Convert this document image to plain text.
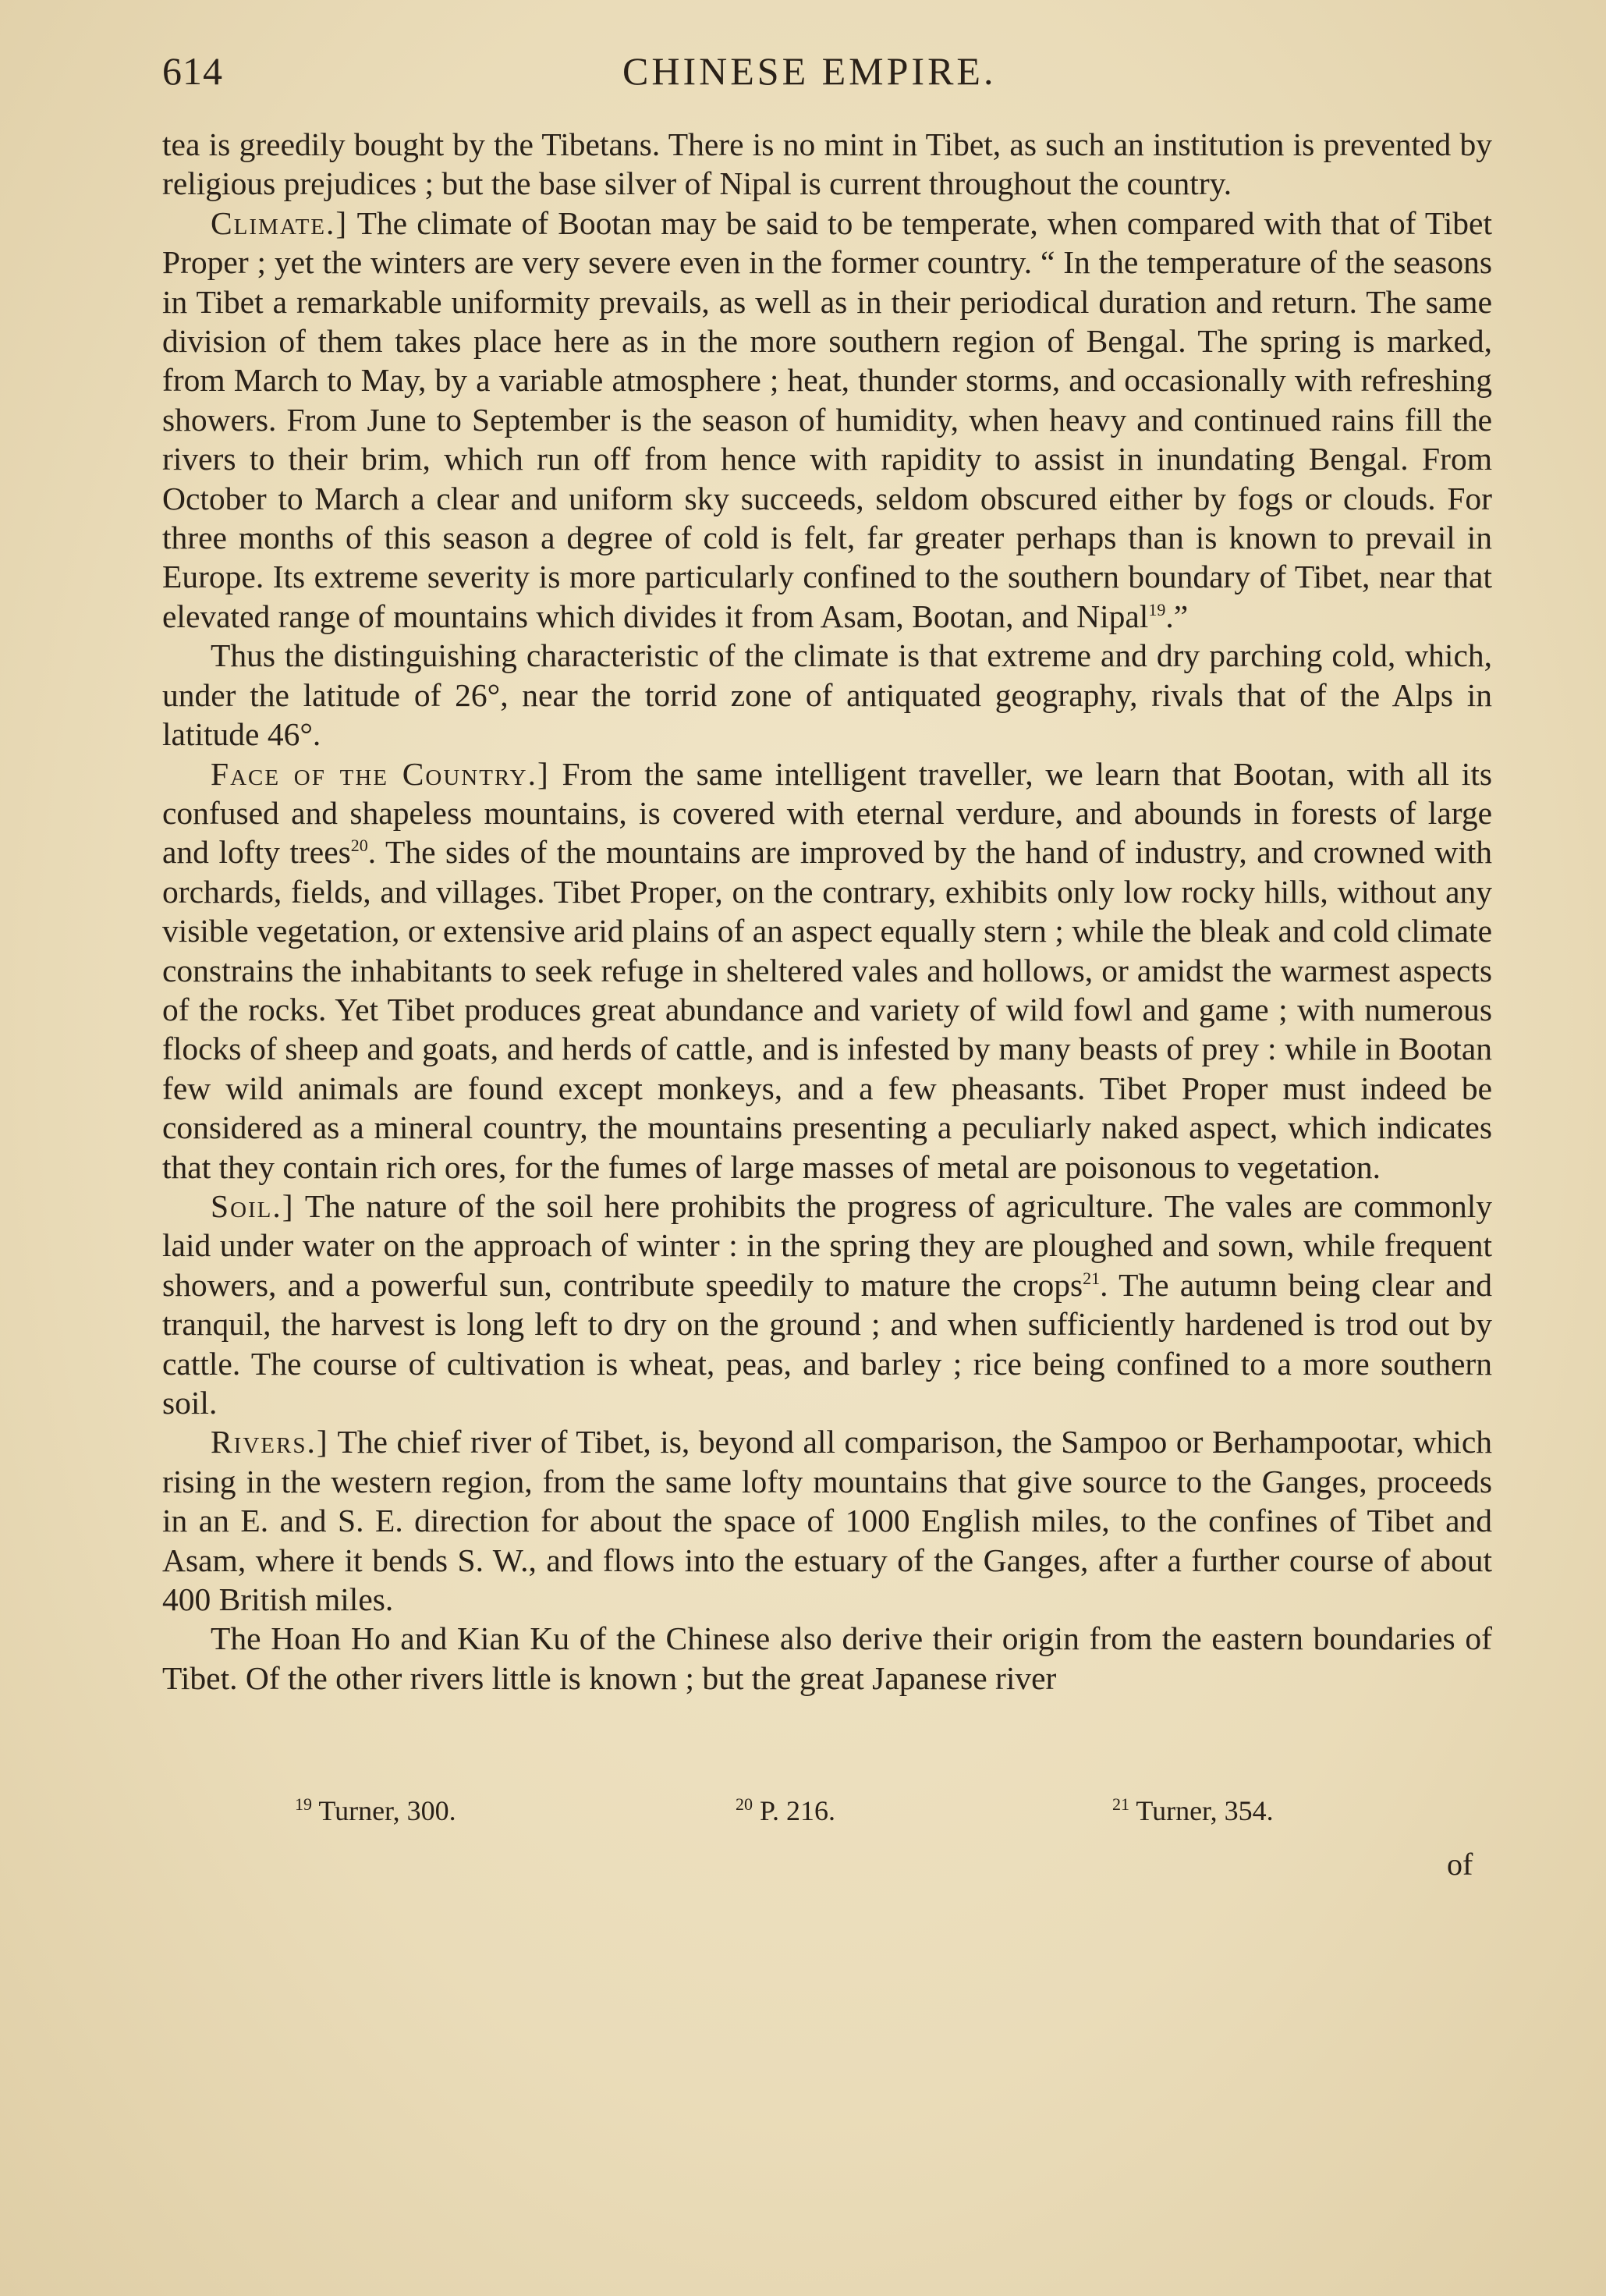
614	CHINESE EMPIRE.

tea is greedily bought by the Tibetans. There is no mint in Tibet, as such an institution is prevented by religious prejudices ; but the base silver of Nipal is current throughout the country.

Climate.] The climate of Bootan may be said to be temperate, when compared with that of Tibet Proper ; yet the winters are very severe even in the former country. “ In the temperature of the seasons in Tibet a remarkable uniformity prevails, as well as in their periodical duration and return. The same division of them takes place here as in the more southern region of Bengal. The spring is marked, from March to May, by a variable atmosphere ; heat, thunder storms, and occasionally with refreshing showers. From June to September is the season of humidity, when heavy and continued rains fill the rivers to their brim, which run off from hence with rapidity to assist in inundating Bengal. From October to March a clear and uniform sky succeeds, seldom obscured either by fogs or clouds. For three months of this season a degree of cold is felt, far greater perhaps than is known to prevail in Europe. Its extreme severity is more particularly confined to the southern boundary of Tibet, near that elevated range of mountains which divides it from Asam, Bootan, and Nipal$^{19}$.”

Thus the distinguishing characteristic of the climate is that extreme and dry parching cold, which, under the latitude of 26°, near the torrid zone of antiquated geography, rivals that of the Alps in latitude 46°.

Face of the Country.] From the same intelligent traveller, we learn that Bootan, with all its confused and shapeless mountains, is covered with eternal verdure, and abounds in forests of large and lofty trees$^{20}$. The sides of the mountains are improved by the hand of industry, and crowned with orchards, fields, and villages. Tibet Proper, on the contrary, exhibits only low rocky hills, without any visible vegetation, or extensive arid plains of an aspect equally stern ; while the bleak and cold climate constrains the inhabitants to seek refuge in sheltered vales and hollows, or amidst the warmest aspects of the rocks. Yet Tibet produces great abundance and variety of wild fowl and game ; with numerous flocks of sheep and goats, and herds of cattle, and is infested by many beasts of prey : while in Bootan few wild animals are found except monkeys, and a few pheasants. Tibet Proper must indeed be considered as a mineral country, the mountains presenting a peculiarly naked aspect, which indicates that they contain rich ores, for the fumes of large masses of metal are poisonous to vegetation.

Soil.] The nature of the soil here prohibits the progress of agriculture. The vales are commonly laid under water on the approach of winter : in the spring they are ploughed and sown, while frequent showers, and a powerful sun, contribute speedily to mature the crops$^{21}$. The autumn being clear and tranquil, the harvest is long left to dry on the ground ; and when sufficiently hardened is trod out by cattle. The course of cultivation is wheat, peas, and barley ; rice being confined to a more southern soil.

Rivers.] The chief river of Tibet, is, beyond all comparison, the Sampoo or Berhampootar, which rising in the western region, from the same lofty mountains that give source to the Ganges, proceeds in an E. and S. E. direction for about the space of 1000 English miles, to the confines of Tibet and Asam, where it bends S. W., and flows into the estuary of the Ganges, after a further course of about 400 British miles.

The Hoan Ho and Kian Ku of the Chinese also derive their origin from the eastern boundaries of Tibet. Of the other rivers little is known ; but the great Japanese river

$^{19}$ Turner, 300.	$^{20}$ P. 216.	$^{21}$ Turner, 354.
of
